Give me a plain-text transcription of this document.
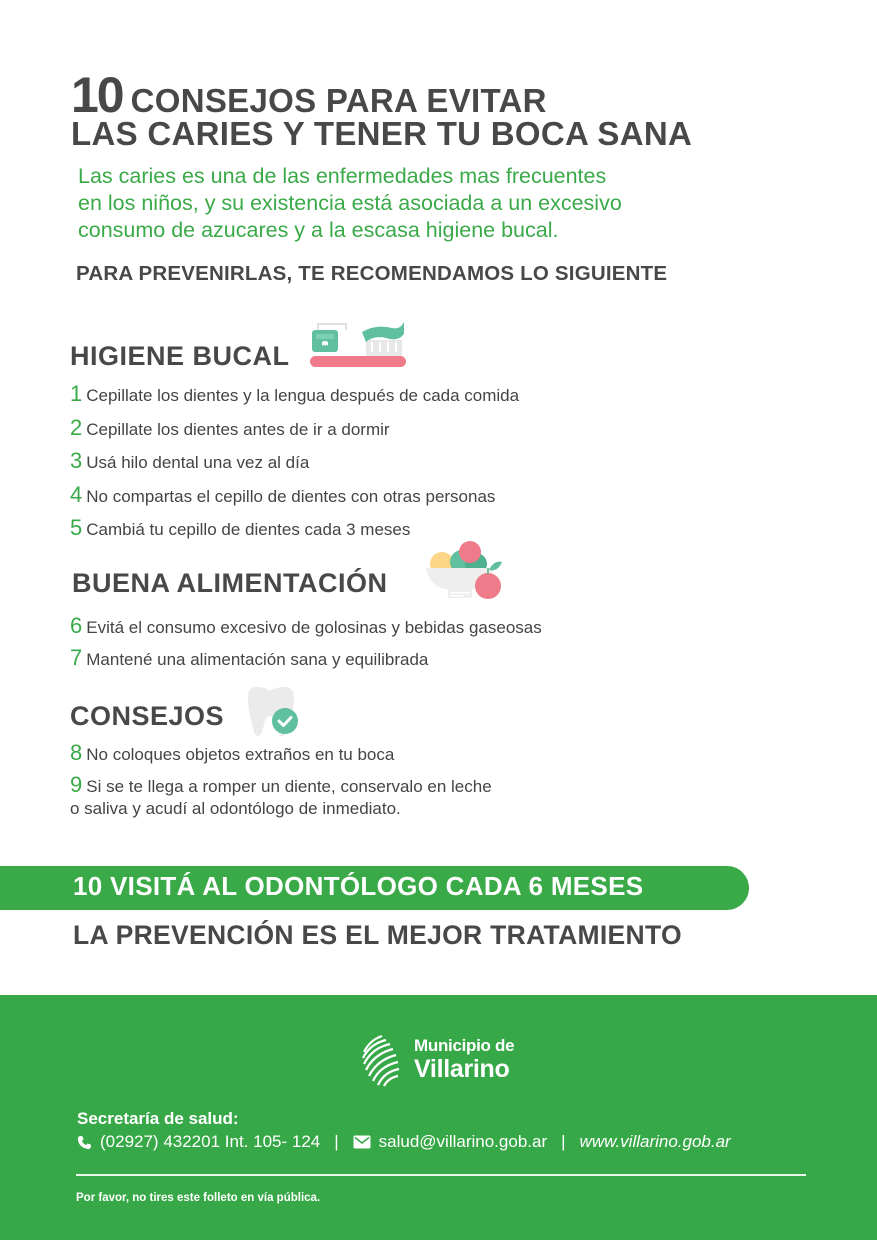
10 CONSEJOS PARA EVITAR
LAS CARIES Y TENER TU BOCA SANA
Las caries es una de las enfermedades mas frecuentes
en los niños, y su existencia está asociada a un excesivo
consumo de azucares y a la escasa higiene bucal.
PARA PREVENIRLAS, TE RECOMENDAMOS LO SIGUIENTE
HIGIENE BUCAL
1 Cepillate los dientes y la lengua después de cada comida
2 Cepillate los dientes antes de ir a dormir
3 Usá hilo dental una vez al día
4 No compartas el cepillo de dientes con otras personas
5 Cambiá tu cepillo de dientes cada 3 meses
BUENA ALIMENTACIÓN
6 Evitá el consumo excesivo de golosinas y bebidas gaseosas
7 Mantené una alimentación sana y equilibrada
CONSEJOS
8 No coloques objetos extraños en tu boca
9 Si se te llega a romper un diente, conservalo en leche
o saliva y acudí al odontólogo de inmediato.
10 VISITÁ AL ODONTÓLOGO CADA 6 MESES
LA PREVENCIÓN ES EL MEJOR TRATAMIENTO
Municipio de
Villarino
Secretaría de salud:
(02927) 432201 Int. 105- 124 | salud@villarino.gob.ar | www.villarino.gob.ar
Por favor, no tires este folleto en vía pública.
